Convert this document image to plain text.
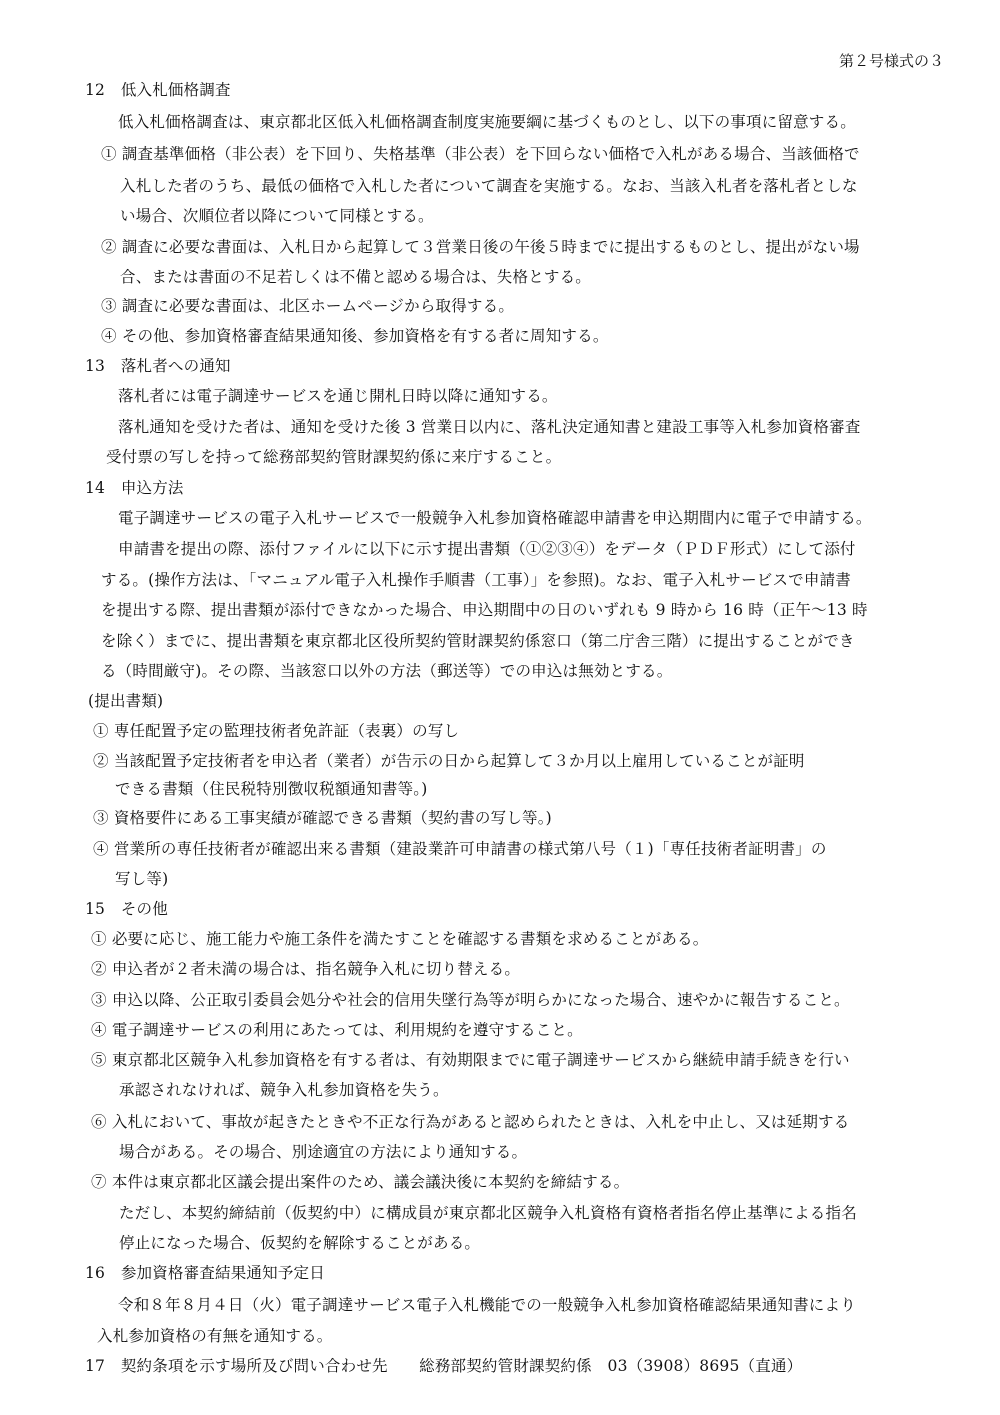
第２号様式の３
12　低入札価格調査
低入札価格調査は、東京都北区低入札価格調査制度実施要綱に基づくものとし、以下の事項に留意する。
① 調査基準価格（非公表）を下回り、失格基準（非公表）を下回らない価格で入札がある場合、当該価格で
入札した者のうち、最低の価格で入札した者について調査を実施する。なお、当該入札者を落札者としな
い場合、次順位者以降について同様とする。
② 調査に必要な書面は、入札日から起算して３営業日後の午後５時までに提出するものとし、提出がない場
合、または書面の不足若しくは不備と認める場合は、失格とする。
③ 調査に必要な書面は、北区ホームページから取得する。
④ その他、参加資格審査結果通知後、参加資格を有する者に周知する。
13　落札者への通知
落札者には電子調達サービスを通じ開札日時以降に通知する。
落札通知を受けた者は、通知を受けた後 3 営業日以内に、落札決定通知書と建設工事等入札参加資格審査
受付票の写しを持って総務部契約管財課契約係に来庁すること。
14　申込方法
電子調達サービスの電子入札サービスで一般競争入札参加資格確認申請書を申込期間内に電子で申請する。
申請書を提出の際、添付ファイルに以下に示す提出書類（①②③④）をデータ（ＰＤＦ形式）にして添付
する。(操作方法は、「マニュアル電子入札操作手順書（工事）」を参照)。なお、電子入札サービスで申請書
を提出する際、提出書類が添付できなかった場合、申込期間中の日のいずれも 9 時から 16 時（正午～13 時
を除く）までに、提出書類を東京都北区役所契約管財課契約係窓口（第二庁舎三階）に提出することができ
る（時間厳守)。その際、当該窓口以外の方法（郵送等）での申込は無効とする。
(提出書類)
① 専任配置予定の監理技術者免許証（表裏）の写し
② 当該配置予定技術者を申込者（業者）が告示の日から起算して３か月以上雇用していることが証明
できる書類（住民税特別徴収税額通知書等。)
③ 資格要件にある工事実績が確認できる書類（契約書の写し等。)
④ 営業所の専任技術者が確認出来る書類（建設業許可申請書の様式第八号（１)「専任技術者証明書」の
写し等)
15　その他
① 必要に応じ、施工能力や施工条件を満たすことを確認する書類を求めることがある。
② 申込者が２者未満の場合は、指名競争入札に切り替える。
③ 申込以降、公正取引委員会処分や社会的信用失墜行為等が明らかになった場合、速やかに報告すること。
④ 電子調達サービスの利用にあたっては、利用規約を遵守すること。
⑤ 東京都北区競争入札参加資格を有する者は、有効期限までに電子調達サービスから継続申請手続きを行い
承認されなければ、競争入札参加資格を失う。
⑥ 入札において、事故が起きたときや不正な行為があると認められたときは、入札を中止し、又は延期する
場合がある。その場合、別途適宜の方法により通知する。
⑦ 本件は東京都北区議会提出案件のため、議会議決後に本契約を締結する。
ただし、本契約締結前（仮契約中）に構成員が東京都北区競争入札資格有資格者指名停止基準による指名
停止になった場合、仮契約を解除することがある。
16　参加資格審査結果通知予定日
令和８年８月４日（火）電子調達サービス電子入札機能での一般競争入札参加資格確認結果通知書により
入札参加資格の有無を通知する。
17　契約条項を示す場所及び問い合わせ先　　総務部契約管財課契約係　03（3908）8695（直通）
